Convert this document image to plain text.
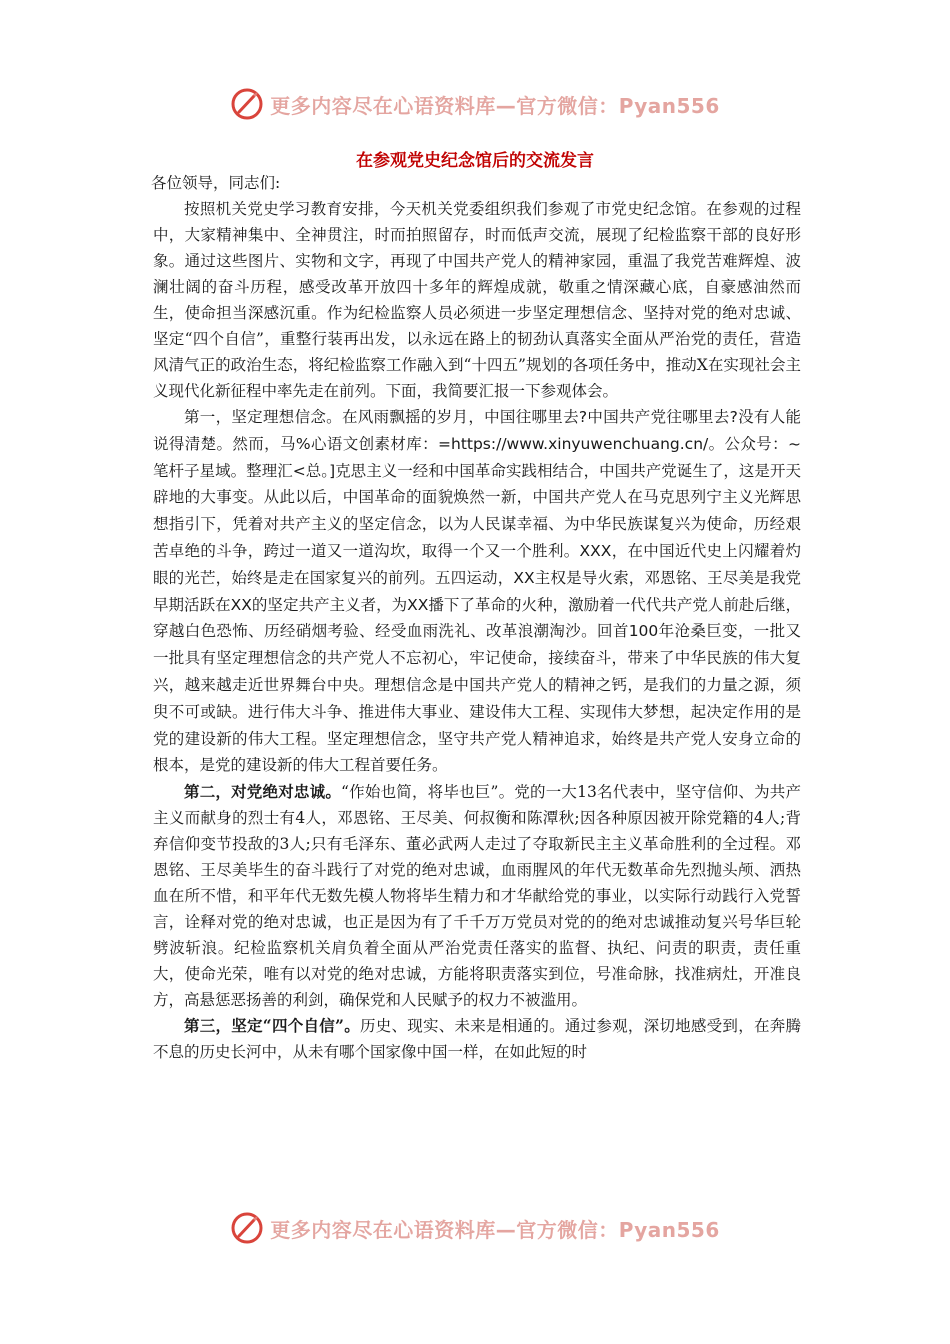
更多内容尽在心语资料库—官方微信：Pyan556
在参观党史纪念馆后的交流发言

各位领导，同志们:

按照机关党史学习教育安排，今天机关党委组织我们参观了市党史纪念馆。在参观的过程中，大家精神集中、全神贯注，时而拍照留存，时而低声交流，展现了纪检监察干部的良好形象。通过这些图片、实物和文字，再现了中国共产党人的精神家园，重温了我党苦难辉煌、波澜壮阔的奋斗历程，感受改革开放四十多年的辉煌成就，敬重之情深藏心底，自豪感油然而生，使命担当深感沉重。作为纪检监察人员必须进一步坚定理想信念、坚持对党的绝对忠诚、坚定“四个自信”，重整行装再出发，以永远在路上的韧劲认真落实全面从严治党的责任，营造风清气正的政治生态，将纪检监察工作融入到“十四五”规划的各项任务中，推动X在实现社会主义现代化新征程中率先走在前列。下面，我简要汇报一下参观体会。

第一，坚定理想信念。在风雨飘摇的岁月，中国往哪里去?中国共产党往哪里去?没有人能说得清楚。然而，马%心语文创素材库：=https://www.xinyuwenchuang.cn/。公众号：~笔杆子星域。整理汇<总。]克思主义一经和中国革命实践相结合，中国共产党诞生了，这是开天辟地的大事变。从此以后，中国革命的面貌焕然一新，中国共产党人在马克思列宁主义光辉思想指引下，凭着对共产主义的坚定信念，以为人民谋幸福、为中华民族谋复兴为使命，历经艰苦卓绝的斗争，跨过一道又一道沟坎，取得一个又一个胜利。XXX，在中国近代史上闪耀着灼眼的光芒，始终是走在国家复兴的前列。五四运动，XX主权是导火索，邓恩铭、王尽美是我党早期活跃在XX的坚定共产主义者，为XX播下了革命的火种，激励着一代代共产党人前赴后继，穿越白色恐怖、历经硝烟考验、经受血雨洗礼、改革浪潮淘沙。回首100年沧桑巨变，一批又一批具有坚定理想信念的共产党人不忘初心，牢记使命，接续奋斗，带来了中华民族的伟大复兴，越来越走近世界舞台中央。理想信念是中国共产党人的精神之钙，是我们的力量之源，须臾不可或缺。进行伟大斗争、推进伟大事业、建设伟大工程、实现伟大梦想，起决定作用的是党的建设新的伟大工程。坚定理想信念，坚守共产党人精神追求，始终是共产党人安身立命的根本，是党的建设新的伟大工程首要任务。

第二，对党绝对忠诚。“作始也简，将毕也巨”。党的一大13名代表中，坚守信仰、为共产主义而献身的烈士有4人，邓恩铭、王尽美、何叔衡和陈潭秋;因各种原因被开除党籍的4人;背弃信仰变节投敌的3人;只有毛泽东、董必武两人走过了夺取新民主主义革命胜利的全过程。邓恩铭、王尽美毕生的奋斗践行了对党的绝对忠诚，血雨腥风的年代无数革命先烈抛头颅、洒热血在所不惜，和平年代无数先模人物将毕生精力和才华献给党的事业，以实际行动践行入党誓言，诠释对党的绝对忠诚，也正是因为有了千千万万党员对党的的绝对忠诚推动复兴号华巨轮劈波斩浪。纪检监察机关肩负着全面从严治党责任落实的监督、执纪、问责的职责，责任重大，使命光荣，唯有以对党的绝对忠诚，方能将职责落实到位，号准命脉，找准病灶，开准良方，高悬惩恶扬善的利剑，确保党和人民赋予的权力不被滥用。

第三，坚定“四个自信”。历史、现实、未来是相通的。通过参观，深切地感受到，在奔腾不息的历史长河中，从未有哪个国家像中国一样，在如此短的时

更多内容尽在心语资料库—官方微信：Pyan556
